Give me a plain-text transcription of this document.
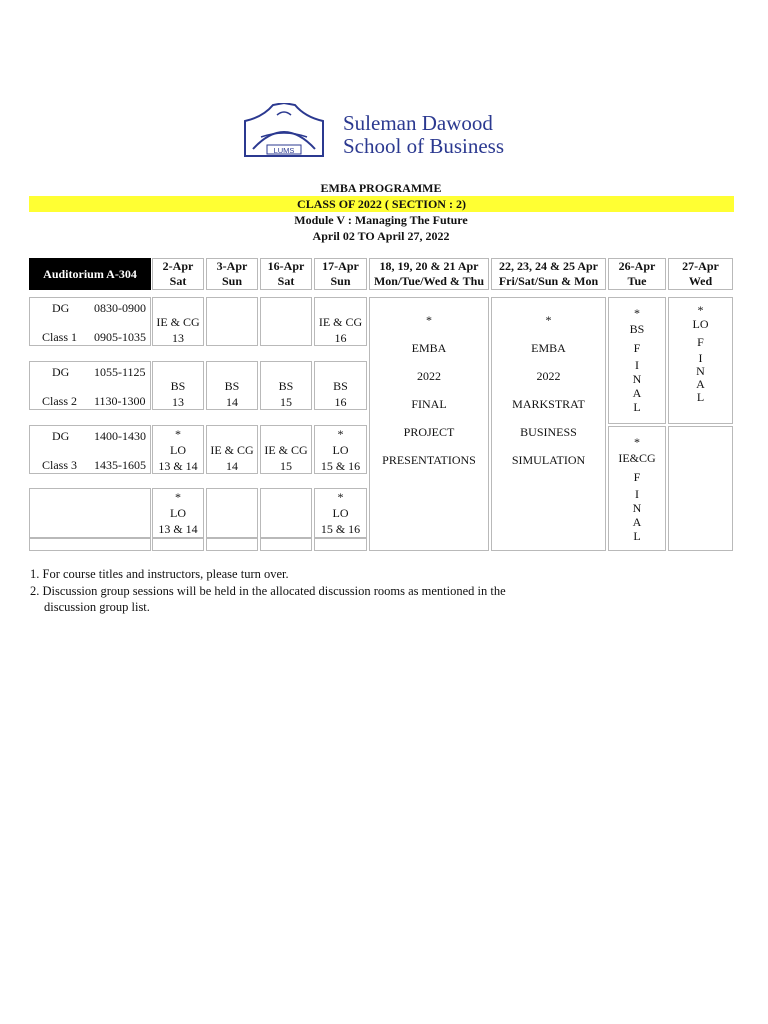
LUMS
Suleman Dawood
School of Business
EMBA PROGRAMME
CLASS OF 2022 ( SECTION : 2)
Module V : Managing The Future
April 02 TO April 27, 2022
Auditorium A-304
2-Apr
Sat
3-Apr
Sun
16-Apr
Sat
17-Apr
Sun
18, 19, 20 & 21 Apr
Mon/Tue/Wed & Thu
22, 23, 24 & 25 Apr
Fri/Sat/Sun & Mon
26-Apr
Tue
27-Apr
Wed
DG 0830-0900
Class 1 0905-1035
DG 1055-1125
Class 2 1130-1300
DG 1400-1430
Class 3 1435-1605
IE & CG
13
IE & CG
16
BS
13
BS
14
BS
15
BS
16
*
LO
13 & 14
IE & CG
14
IE & CG
15
*
LO
15 & 16
*
LO
13 & 14
*
LO
15 & 16
*
EMBA
2022
FINAL
PROJECT
PRESENTATIONS
*
EMBA
2022
MARKSTRAT
BUSINESS
SIMULATION
*
BS
F
I
N
A
L
*
IE&CG
F
I
N
A
L
*
LO
F
I
N
A
L
1. For course titles and instructors, please turn over.
2. Discussion group sessions will be held in the allocated discussion rooms as mentioned in the
discussion group list.
